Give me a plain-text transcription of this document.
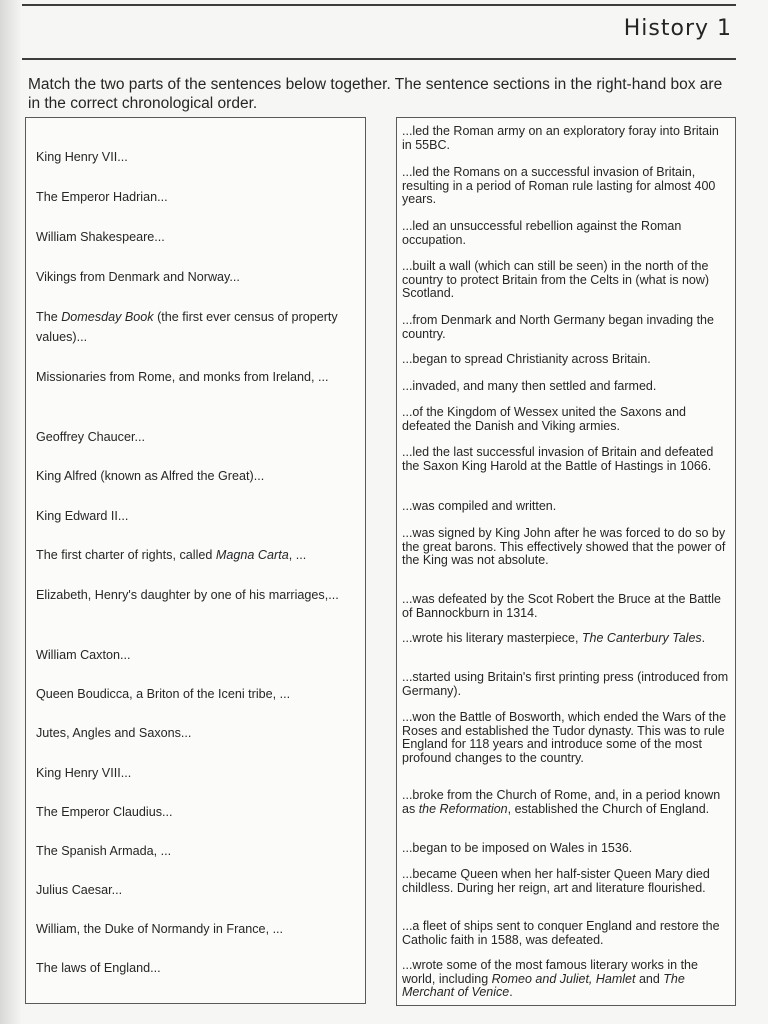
History 1
Match the two parts of the sentences below together. The sentence sections in the right-hand box are in the correct chronological order.
King Henry VII...
The Emperor Hadrian...
William Shakespeare...
Vikings from Denmark and Norway...
The Domesday Book (the first ever census of property values)...
Missionaries from Rome, and monks from Ireland, ...
Geoffrey Chaucer...
King Alfred (known as Alfred the Great)...
King Edward II...
The first charter of rights, called Magna Carta, ...
Elizabeth, Henry's daughter by one of his marriages,...
William Caxton...
Queen Boudicca, a Briton of the Iceni tribe, ...
Jutes, Angles and Saxons...
King Henry VIII...
The Emperor Claudius...
The Spanish Armada, ...
Julius Caesar...
William, the Duke of Normandy in France, ...
The laws of England...
...led the Roman army on an exploratory foray into Britain in 55BC.
...led the Romans on a successful invasion of Britain, resulting in a period of Roman rule lasting for almost 400 years.
...led an unsuccessful rebellion against the Roman occupation.
...built a wall (which can still be seen) in the north of the country to protect Britain from the Celts in (what is now) Scotland.
...from Denmark and North Germany began invading the country.
...began to spread Christianity across Britain.
...invaded, and many then settled and farmed.
...of the Kingdom of Wessex united the Saxons and defeated the Danish and Viking armies.
...led the last successful invasion of Britain and defeated the Saxon King Harold at the Battle of Hastings in 1066.
...was compiled and written.
...was signed by King John after he was forced to do so by the great barons. This effectively showed that the power of the King was not absolute.
...was defeated by the Scot Robert the Bruce at the Battle of Bannockburn in 1314.
...wrote his literary masterpiece, The Canterbury Tales.
...started using Britain's first printing press (introduced from Germany).
...won the Battle of Bosworth, which ended the Wars of the Roses and established the Tudor dynasty. This was to rule England for 118 years and introduce some of the most profound changes to the country.
...broke from the Church of Rome, and, in a period known as the Reformation, established the Church of England.
...began to be imposed on Wales in 1536.
...became Queen when her half-sister Queen Mary died childless. During her reign, art and literature flourished.
...a fleet of ships sent to conquer England and restore the Catholic faith in 1588, was defeated.
...wrote some of the most famous literary works in the world, including Romeo and Juliet, Hamlet and The Merchant of Venice.
